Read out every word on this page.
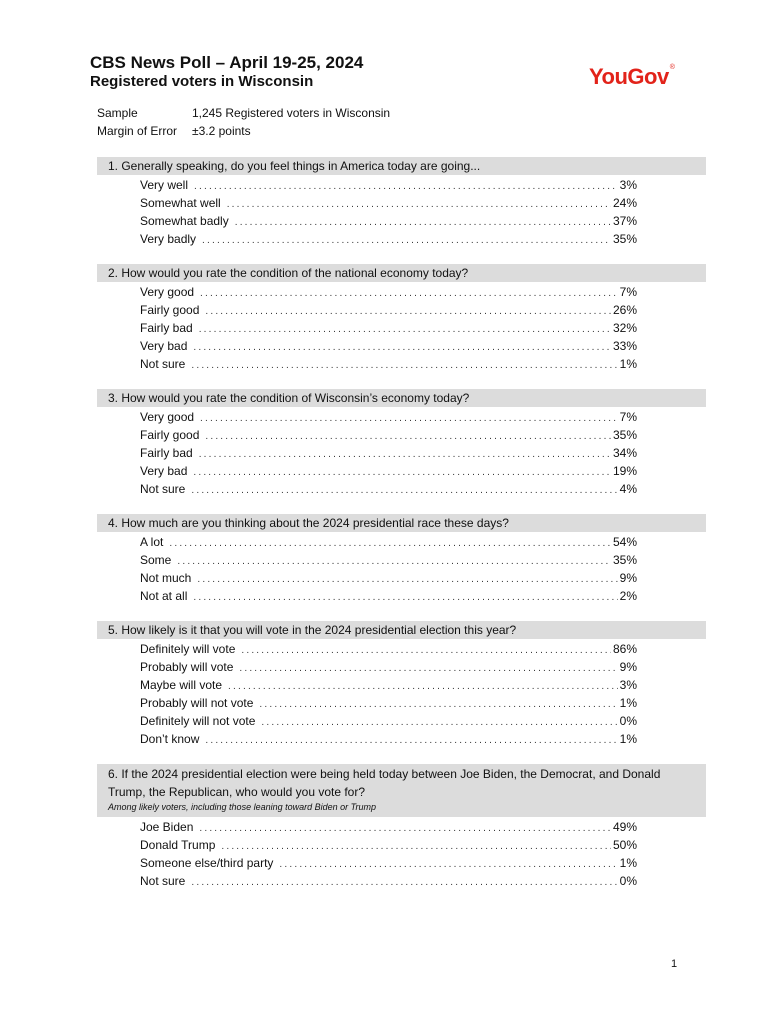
CBS News Poll – April 19-25, 2024
Registered voters in Wisconsin	YouGov®
Sample	1,245 Registered voters in Wisconsin
Margin of Error	±3.2 points
1. Generally speaking, do you feel things in America today are going...
Very well .....	3%
Somewhat well .....	24%
Somewhat badly .....	37%
Very badly .....	35%
2. How would you rate the condition of the national economy today?
Very good .....	7%
Fairly good .....	26%
Fairly bad .....	32%
Very bad .....	33%
Not sure .....	1%
3. How would you rate the condition of Wisconsin’s economy today?
Very good .....	7%
Fairly good .....	35%
Fairly bad .....	34%
Very bad .....	19%
Not sure .....	4%
4. How much are you thinking about the 2024 presidential race these days?
A lot .....	54%
Some .....	35%
Not much .....	9%
Not at all .....	2%
5. How likely is it that you will vote in the 2024 presidential election this year?
Definitely will vote .....	86%
Probably will vote .....	9%
Maybe will vote .....	3%
Probably will not vote .....	1%
Definitely will not vote .....	0%
Don’t know .....	1%
6. If the 2024 presidential election were being held today between Joe Biden, the Democrat, and Donald Trump, the Republican, who would you vote for?
Among likely voters, including those leaning toward Biden or Trump
Joe Biden .....	49%
Donald Trump .....	50%
Someone else/third party .....	1%
Not sure .....	0%
1
